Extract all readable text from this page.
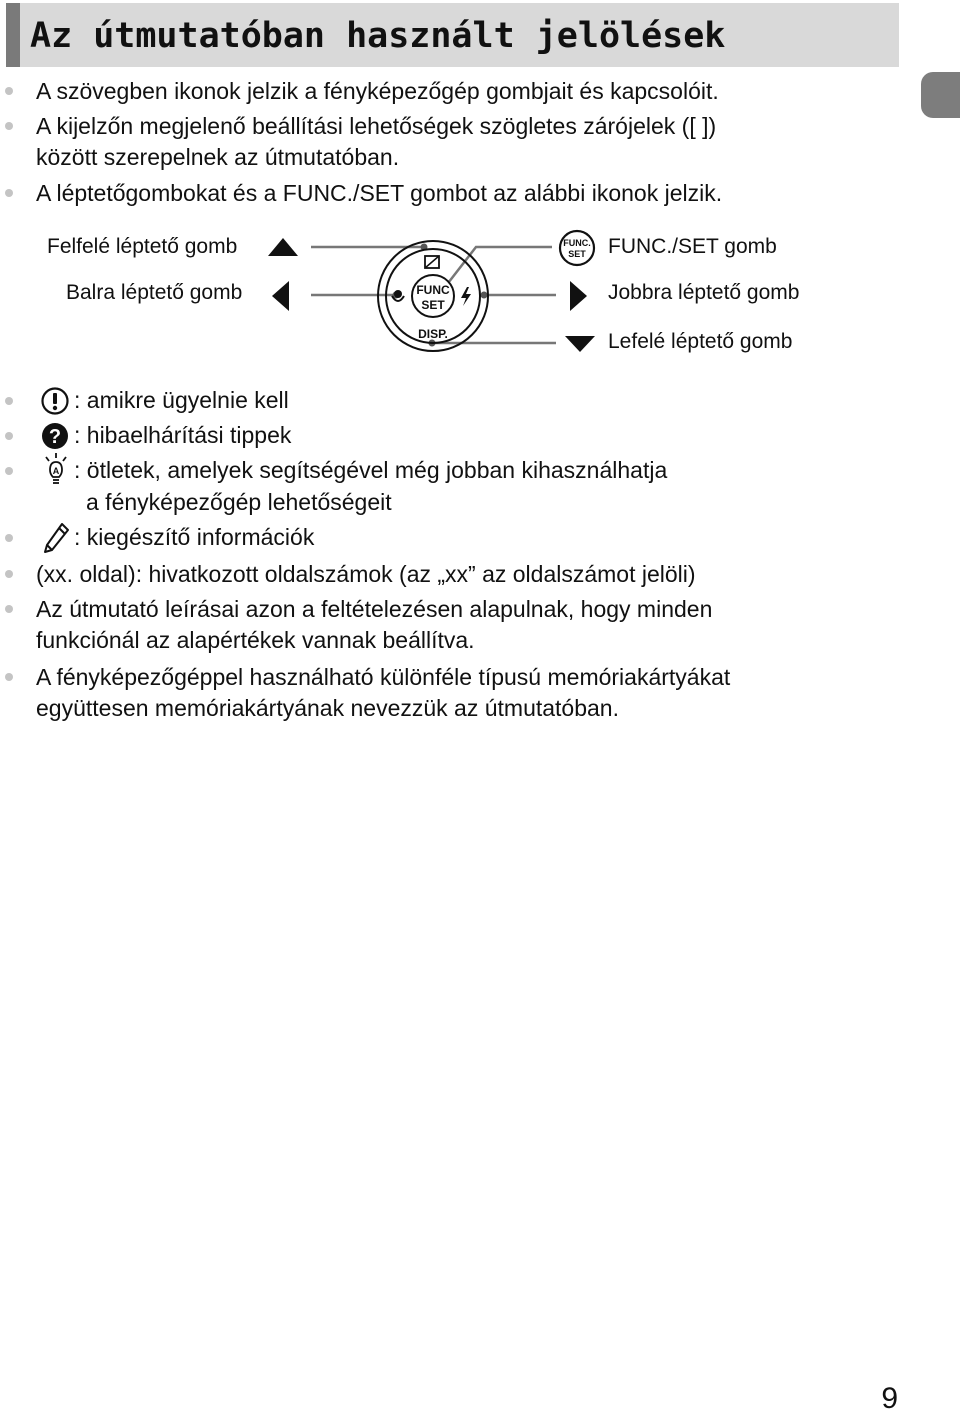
Az útmutatóban használt jelölések
A szövegben ikonok jelzik a fényképezőgép gombjait és kapcsolóit.
A kijelzőn megjelenő beállítási lehetőségek szögletes zárójelek ([ ])
között szerepelnek az útmutatóban.
A léptetőgombokat és a FUNC./SET gombot az alábbi ikonok jelzik.
Felfelé léptető gomb
Balra léptető gomb
FUNC./SET gomb
Jobbra léptető gomb
Lefelé léptető gomb
FUNC
SET
DISP.
FUNC.
SET
: amikre ügyelnie kell
? : hibaelhárítási tippek
A : ötletek, amelyek segítségével még jobban kihasználhatja
a fényképezőgép lehetőségeit
: kiegészítő információk
(xx. oldal): hivatkozott oldalszámok (az „xx” az oldalszámot jelöli)
Az útmutató leírásai azon a feltételezésen alapulnak, hogy minden
funkciónál az alapértékek vannak beállítva.
A fényképezőgéppel használható különféle típusú memóriakártyákat
együttesen memóriakártyának nevezzük az útmutatóban.
9
